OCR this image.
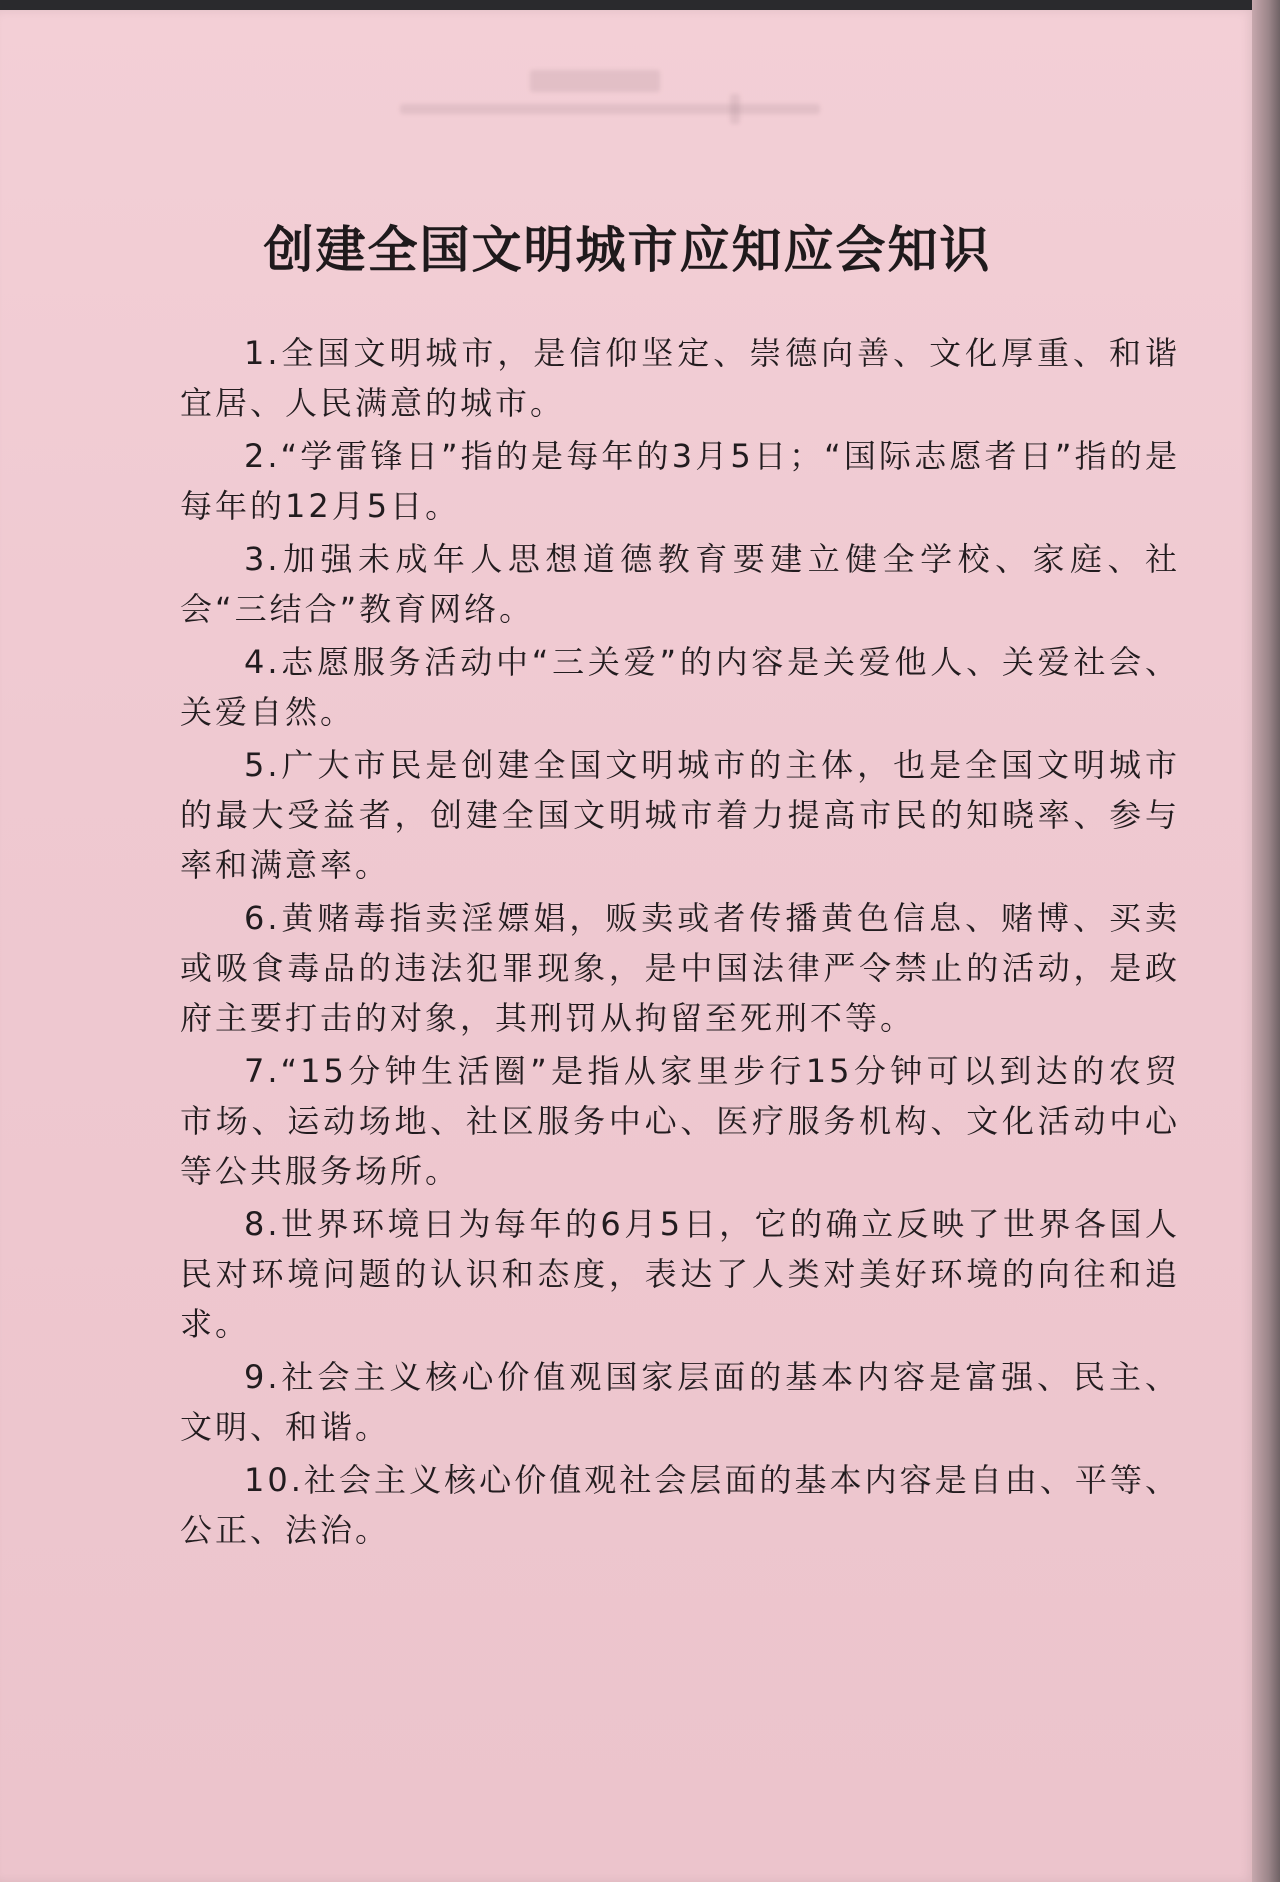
创建全国文明城市应知应会知识

1.全国文明城市，是信仰坚定、崇德向善、文化厚重、和谐宜居、人民满意的城市。

2.“学雷锋日”指的是每年的3月5日；“国际志愿者日”指的是每年的12月5日。

3.加强未成年人思想道德教育要建立健全学校、家庭、社会“三结合”教育网络。

4.志愿服务活动中“三关爱”的内容是关爱他人、关爱社会、关爱自然。

5.广大市民是创建全国文明城市的主体，也是全国文明城市的最大受益者，创建全国文明城市着力提高市民的知晓率、参与率和满意率。

6.黄赌毒指卖淫嫖娼，贩卖或者传播黄色信息、赌博、买卖或吸食毒品的违法犯罪现象，是中国法律严令禁止的活动，是政府主要打击的对象，其刑罚从拘留至死刑不等。

7.“15分钟生活圈”是指从家里步行15分钟可以到达的农贸市场、运动场地、社区服务中心、医疗服务机构、文化活动中心等公共服务场所。

8.世界环境日为每年的6月5日，它的确立反映了世界各国人民对环境问题的认识和态度，表达了人类对美好环境的向往和追求。

9.社会主义核心价值观国家层面的基本内容是富强、民主、文明、和谐。

10.社会主义核心价值观社会层面的基本内容是自由、平等、公正、法治。
